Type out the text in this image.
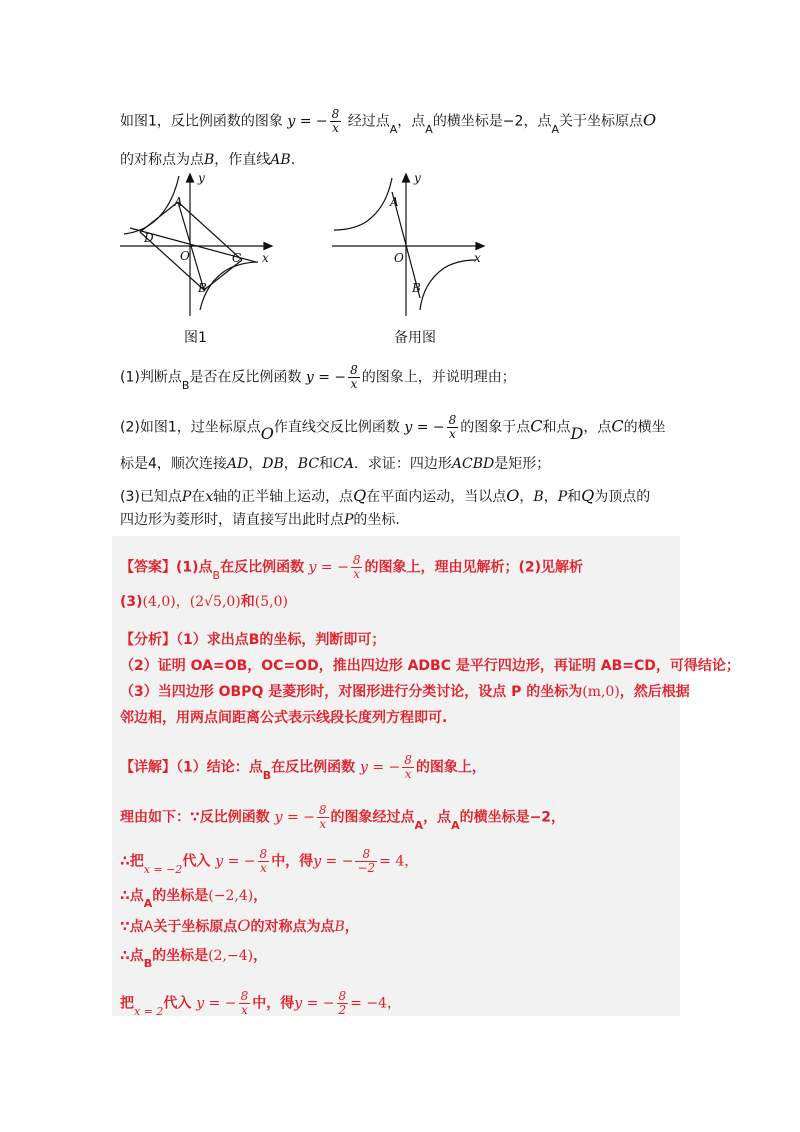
如图1，反比例函数的图象 y = − $\frac{8}{x}$ 经过点$_A$，点$_A$的横坐标是−2，点$_A$关于坐标原点O
的对称点为点B，作直线AB.
y
x
A
D
O	C
B
图1
y
x
A
O
B
备用图
(1)判断点$_B$是否在反比例函数 y = − $\frac{8}{x}$ 的图象上，并说明理由；
(2)如图1，过坐标原点O作直线交反比例函数 y = − $\frac{8}{x}$ 的图象于点C和点D，点C的横坐
标是4，顺次连接AD，DB，BC和CA．求证：四边形ACBD是矩形；
(3)已知点P在x轴的正半轴上运动，点Q在平面内运动，当以点O，B，P和Q为顶点的
四边形为菱形时，请直接写出此时点P的坐标.
【答案】(1)点$_B$在反比例函数 y = − $\frac{8}{x}$ 的图象上，理由见解析；(2)见解析
(3)(4,0)，(2√5,0)和(5,0)
【分析】（1）求出点B的坐标，判断即可；
（2）证明 OA=OB，OC=OD，推出四边形 ADBC 是平行四边形，再证明 AB=CD，可得结论；
（3）当四边形 OBPQ 是菱形时，对图形进行分类讨论，设点 P 的坐标为(m,0)，然后根据
邻边相，用两点间距离公式表示线段长度列方程即可.
【详解】（1）结论：点$_B$在反比例函数 y = − $\frac{8}{x}$ 的图象上，
理由如下：∵反比例函数 y = − $\frac{8}{x}$ 的图象经过点$_A$，点$_A$的横坐标是−2，
∴把$_{x = -2}$代入 y = − $\frac{8}{x}$ 中，得y = − $\frac{8}{-2} = 4$，
∴点$_A$的坐标是(−2,4)，
∵点A关于坐标原点O的对称点为点B，
∴点$_B$的坐标是(2,−4)，
把$_{x = 2}$代入 y = − $\frac{8}{x}$ 中，得y = − $\frac{8}{2} = -4$，
